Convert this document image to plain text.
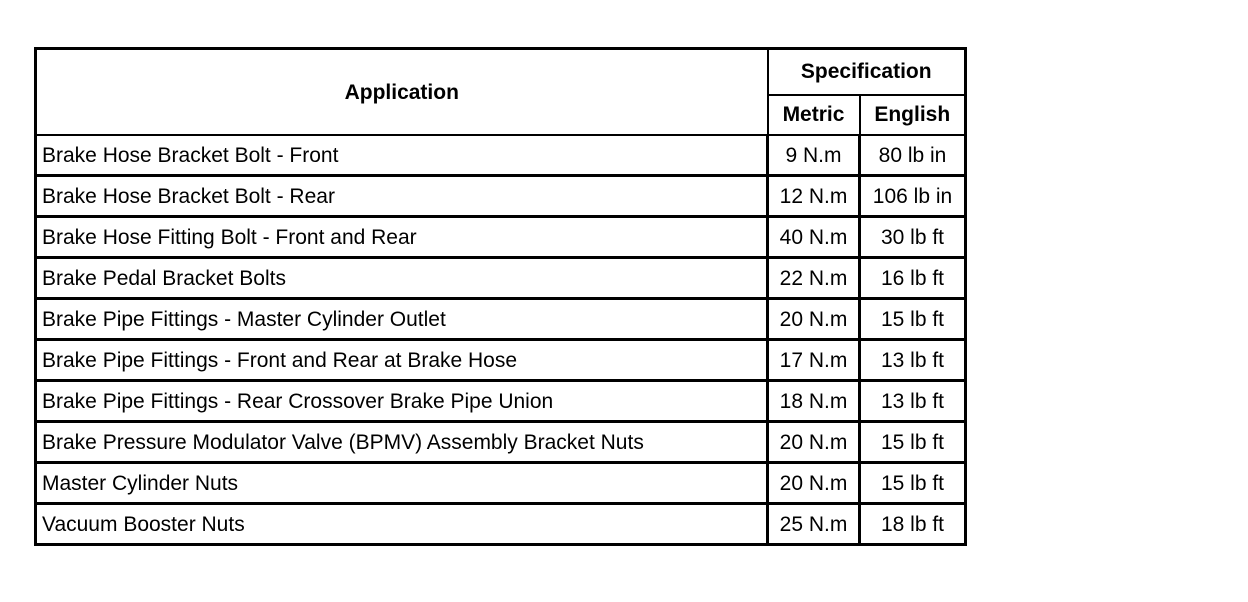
Application	Specification	
	Metric	English
Brake Hose Bracket Bolt - Front	9 N.m	80 lb in
Brake Hose Bracket Bolt - Rear	12 N.m	106 lb in
Brake Hose Fitting Bolt - Front and Rear	40 N.m	30 lb ft
Brake Pedal Bracket Bolts	22 N.m	16 lb ft
Brake Pipe Fittings - Master Cylinder Outlet	20 N.m	15 lb ft
Brake Pipe Fittings - Front and Rear at Brake Hose	17 N.m	13 lb ft
Brake Pipe Fittings - Rear Crossover Brake Pipe Union	18 N.m	13 lb ft
Brake Pressure Modulator Valve (BPMV) Assembly Bracket Nuts	20 N.m	15 lb ft
Master Cylinder Nuts	20 N.m	15 lb ft
Vacuum Booster Nuts	25 N.m	18 lb ft
